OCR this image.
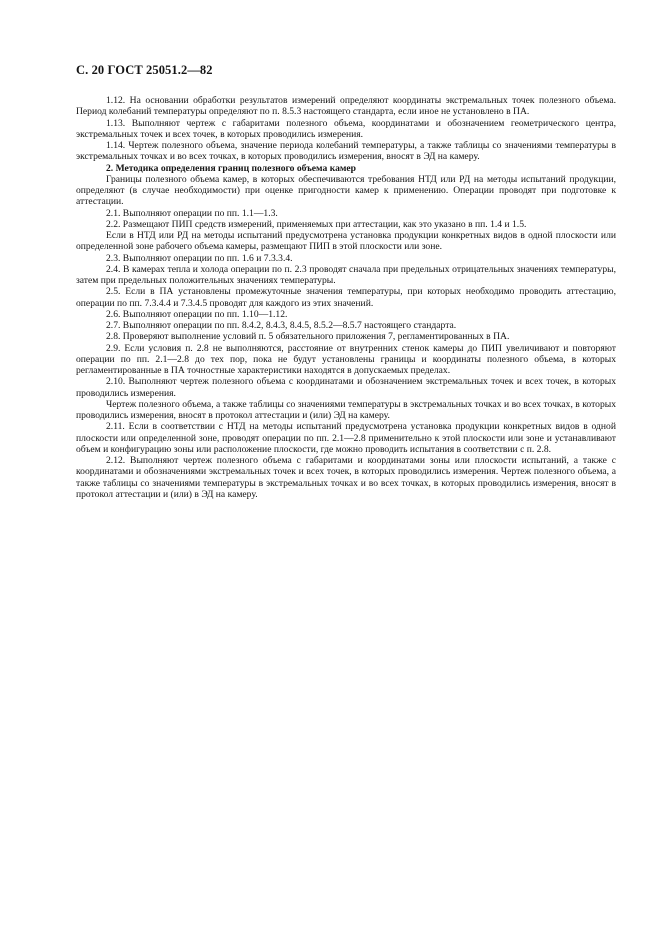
С. 20 ГОСТ 25051.2—82

1.12. На основании обработки результатов измерений определяют координаты экстремальных точек полезного объема. Период колебаний температуры определяют по п. 8.5.3 настоящего стандарта, если иное не установлено в ПА.

1.13. Выполняют чертеж с габаритами полезного объема, координатами и обозначением геометрического центра, экстремальных точек и всех точек, в которых проводились измерения.

1.14. Чертеж полезного объема, значение периода колебаний температуры, а также таблицы со значениями температуры в экстремальных точках и во всех точках, в которых проводились измерения, вносят в ЭД на камеру.

2. Методика определения границ полезного объема камер

Границы полезного объема камер, в которых обеспечиваются требования НТД или РД на методы испытаний продукции, определяют (в случае необходимости) при оценке пригодности камер к применению. Операции проводят при подготовке к аттестации.

2.1. Выполняют операции по пп. 1.1—1.3.

2.2. Размещают ПИП средств измерений, применяемых при аттестации, как это указано в пп. 1.4 и 1.5.

Если в НТД или РД на методы испытаний предусмотрена установка продукции конкретных видов в одной плоскости или определенной зоне рабочего объема камеры, размещают ПИП в этой плоскости или зоне.

2.3. Выполняют операции по пп. 1.6 и 7.3.3.4.

2.4. В камерах тепла и холода операции по п. 2.3 проводят сначала при предельных отрицательных значениях температуры, затем при предельных положительных значениях температуры.

2.5. Если в ПА установлены промежуточные значения температуры, при которых необходимо проводить аттестацию, операции по пп. 7.3.4.4 и 7.3.4.5 проводят для каждого из этих значений.

2.6. Выполняют операции по пп. 1.10—1.12.

2.7. Выполняют операции по пп. 8.4.2, 8.4.3, 8.4.5, 8.5.2—8.5.7 настоящего стандарта.

2.8. Проверяют выполнение условий п. 5 обязательного приложения 7, регламентированных в ПА.

2.9. Если условия п. 2.8 не выполняются, расстояние от внутренних стенок камеры до ПИП увеличивают и повторяют операции по пп. 2.1—2.8 до тех пор, пока не будут установлены границы и координаты полезного объема, в которых регламентированные в ПА точностные характеристики находятся в допускаемых пределах.

2.10. Выполняют чертеж полезного объема с координатами и обозначением экстремальных точек и всех точек, в которых проводились измерения.

Чертеж полезного объема, а также таблицы со значениями температуры в экстремальных точках и во всех точках, в которых проводились измерения, вносят в протокол аттестации и (или) ЭД на камеру.

2.11. Если в соответствии с НТД на методы испытаний предусмотрена установка продукции конкретных видов в одной плоскости или определенной зоне, проводят операции по пп. 2.1—2.8 применительно к этой плоскости или зоне и устанавливают объем и конфигурацию зоны или расположение плоскости, где можно проводить испытания в соответствии с п. 2.8.

2.12. Выполняют чертеж полезного объема с габаритами и координатами зоны или плоскости испытаний, а также с координатами и обозначениями экстремальных точек и всех точек, в которых проводились измерения. Чертеж полезного объема, а также таблицы со значениями температуры в экстремальных точках и во всех точках, в которых проводились измерения, вносят в протокол аттестации и (или) в ЭД на камеру.
